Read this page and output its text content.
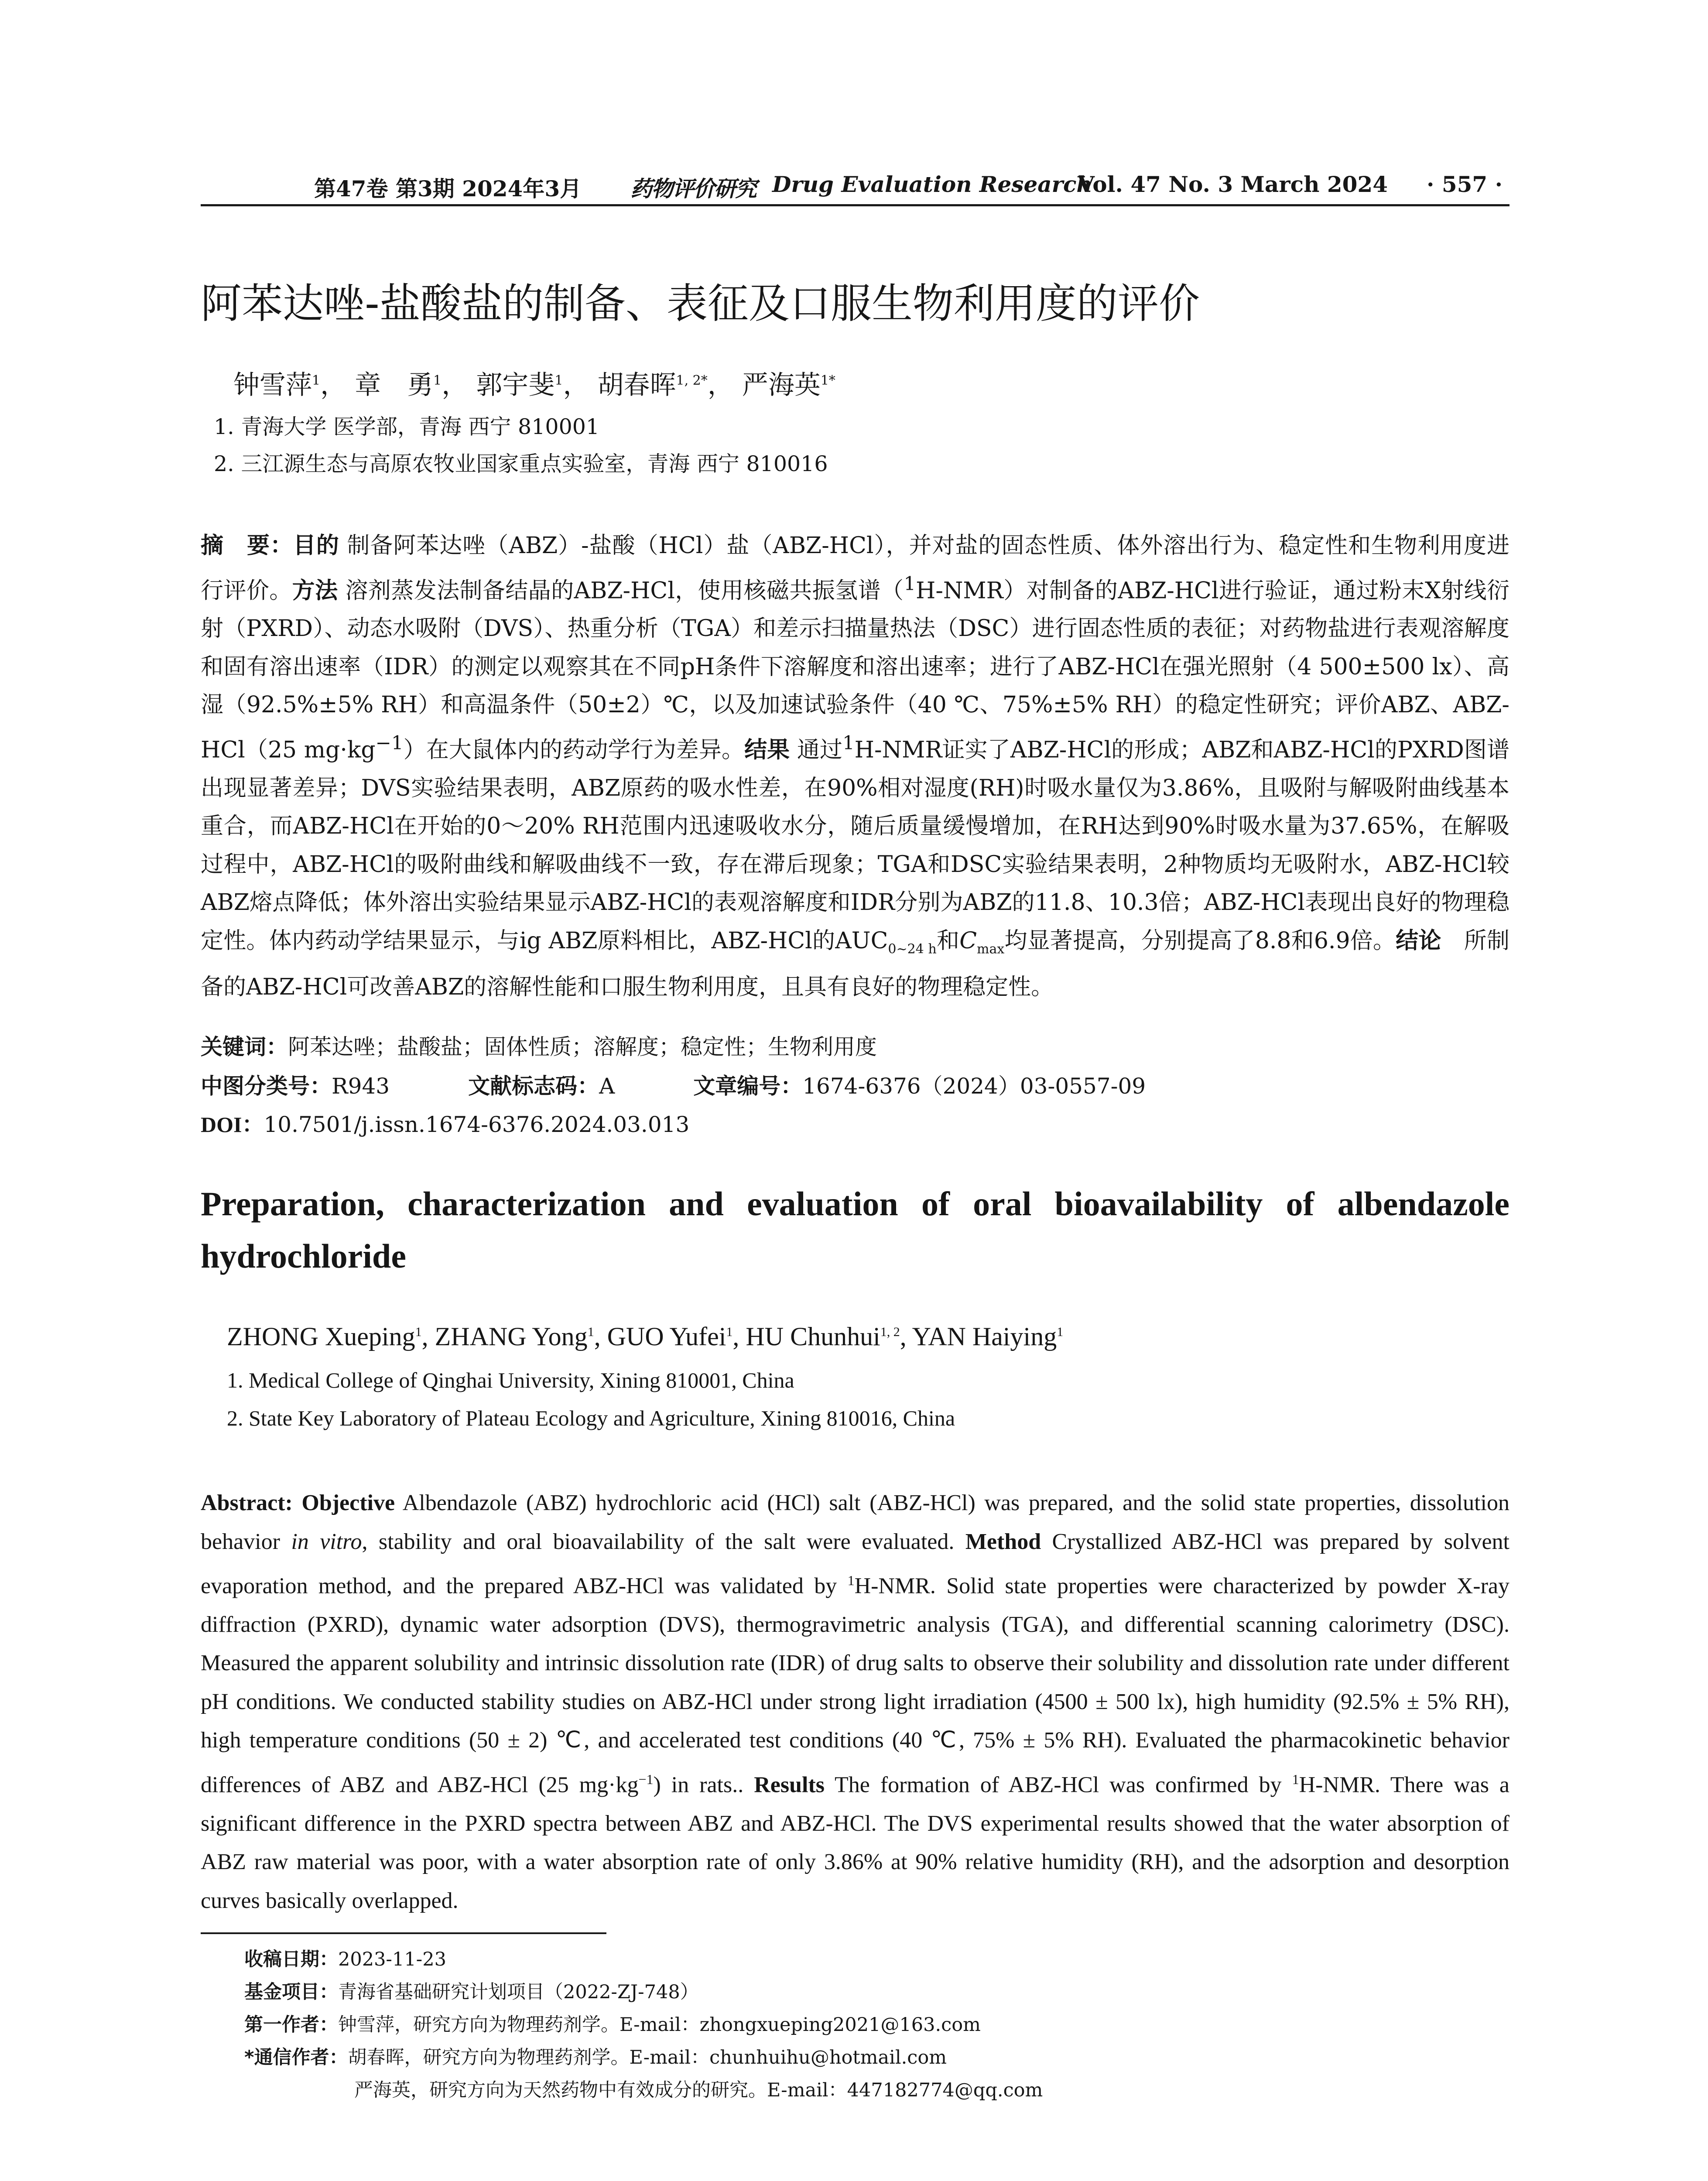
第47卷 第3期 2024年3月 药物评价研究 Drug Evaluation Research
Vol. 47 No. 3 March 2024 · 557 ·
阿苯达唑-盐酸盐的制备、表征及口服生物利用度的评价
钟雪萍$^1$， 章　勇$^1$， 郭宇斐$^1$， 胡春晖$^{1, 2*}$， 严海英$^{1*}$
1. 青海大学 医学部，青海 西宁 810001
2. 三江源生态与高原农牧业国家重点实验室，青海 西宁 810016
摘　要：目的 制备阿苯达唑（ABZ）-盐酸（HCl）盐（ABZ-HCl），并对盐的固态性质、体外溶出行为、稳定性和生物利用度进行评价。方法 溶剂蒸发法制备结晶的ABZ-HCl，使用核磁共振氢谱（$^1$H-NMR）对制备的ABZ-HCl进行验证，通过粉末X射线衍射（PXRD）、动态水吸附（DVS）、热重分析（TGA）和差示扫描量热法（DSC）进行固态性质的表征；对药物盐进行表观溶解度和固有溶出速率（IDR）的测定以观察其在不同pH条件下溶解度和溶出速率；进行了ABZ-HCl在强光照射（4 500±500 lx）、高湿（92.5%±5% RH）和高温条件（50±2）℃，以及加速试验条件（40 ℃、75%±5% RH）的稳定性研究；评价ABZ、ABZ-HCl（25 $mg\cdot kg^{-1}$）在大鼠体内的药动学行为差异。结果 通过$^1$H-NMR证实了ABZ-HCl的形成；ABZ和ABZ-HCl的PXRD图谱出现显著差异；DVS实验结果表明，ABZ原药的吸水性差，在90%相对湿度(RH)时吸水量仅为3.86%，且吸附与解吸附曲线基本重合，而ABZ-HCl在开始的0～20% RH范围内迅速吸收水分，随后质量缓慢增加，在RH达到90%时吸水量为37.65%，在解吸过程中，ABZ-HCl的吸附曲线和解吸曲线不一致，存在滞后现象；TGA和DSC实验结果表明，2种物质均无吸附水，ABZ-HCl较ABZ熔点降低；体外溶出实验结果显示ABZ-HCl的表观溶解度和IDR分别为ABZ的11.8、10.3倍；ABZ-HCl表现出良好的物理稳定性。体内药动学结果显示，与ig ABZ原料相比，ABZ-HCl的$AUC_{0\sim 24 h}$和$C_{max}$均显著提高，分别提高了8.8和6.9倍。结论　所制备的ABZ-HCl可改善ABZ的溶解性能和口服生物利用度，且具有良好的物理稳定性。
关键词：阿苯达唑；盐酸盐；固体性质；溶解度；稳定性；生物利用度
中图分类号：R943	文献标志码：A	文章编号：1674-6376（2024）03-0557-09
DOI：10.7501/j.issn.1674-6376.2024.03.013
Preparation, characterization and evaluation of oral bioavailability of albendazole hydrochloride
ZHONG Xueping$^1$, ZHANG Yong$^1$, GUO Yufei$^1$, HU Chunhui$^{1, 2}$, YAN Haiying$^1$
1. Medical College of Qinghai University, Xining 810001, China
2. State Key Laboratory of Plateau Ecology and Agriculture, Xining 810016, China
Abstract: Objective Albendazole (ABZ) hydrochloric acid (HCl) salt (ABZ-HCl) was prepared, and the solid state properties, dissolution behavior in vitro, stability and oral bioavailability of the salt were evaluated. Method Crystallized ABZ-HCl was prepared by solvent evaporation method, and the prepared ABZ-HCl was validated by $^1$H-NMR. Solid state properties were characterized by powder X-ray diffraction (PXRD), dynamic water adsorption (DVS), thermogravimetric analysis (TGA), and differential scanning calorimetry (DSC). Measured the apparent solubility and intrinsic dissolution rate (IDR) of drug salts to observe their solubility and dissolution rate under different pH conditions. We conducted stability studies on ABZ-HCl under strong light irradiation (4500 ± 500 lx), high humidity (92.5% ± 5% RH), high temperature conditions (50 ± 2) ℃, and accelerated test conditions (40 ℃, 75% ± 5% RH). Evaluated the pharmacokinetic behavior differences of ABZ and ABZ-HCl (25 $mg\cdot kg^{-1}$) in rats.. Results The formation of ABZ-HCl was confirmed by $^1$H-NMR. There was a significant difference in the PXRD spectra between ABZ and ABZ-HCl. The DVS experimental results showed that the water absorption of ABZ raw material was poor, with a water absorption rate of only 3.86% at 90% relative humidity (RH), and the adsorption and desorption curves basically overlapped.
收稿日期：2023-11-23
基金项目：青海省基础研究计划项目（2022-ZJ-748）
第一作者：钟雪萍，研究方向为物理药剂学。E-mail：zhongxueping2021@163.com
*通信作者：胡春晖，研究方向为物理药剂学。E-mail：chunhuihu@hotmail.com
严海英，研究方向为天然药物中有效成分的研究。E-mail：447182774@qq.com
